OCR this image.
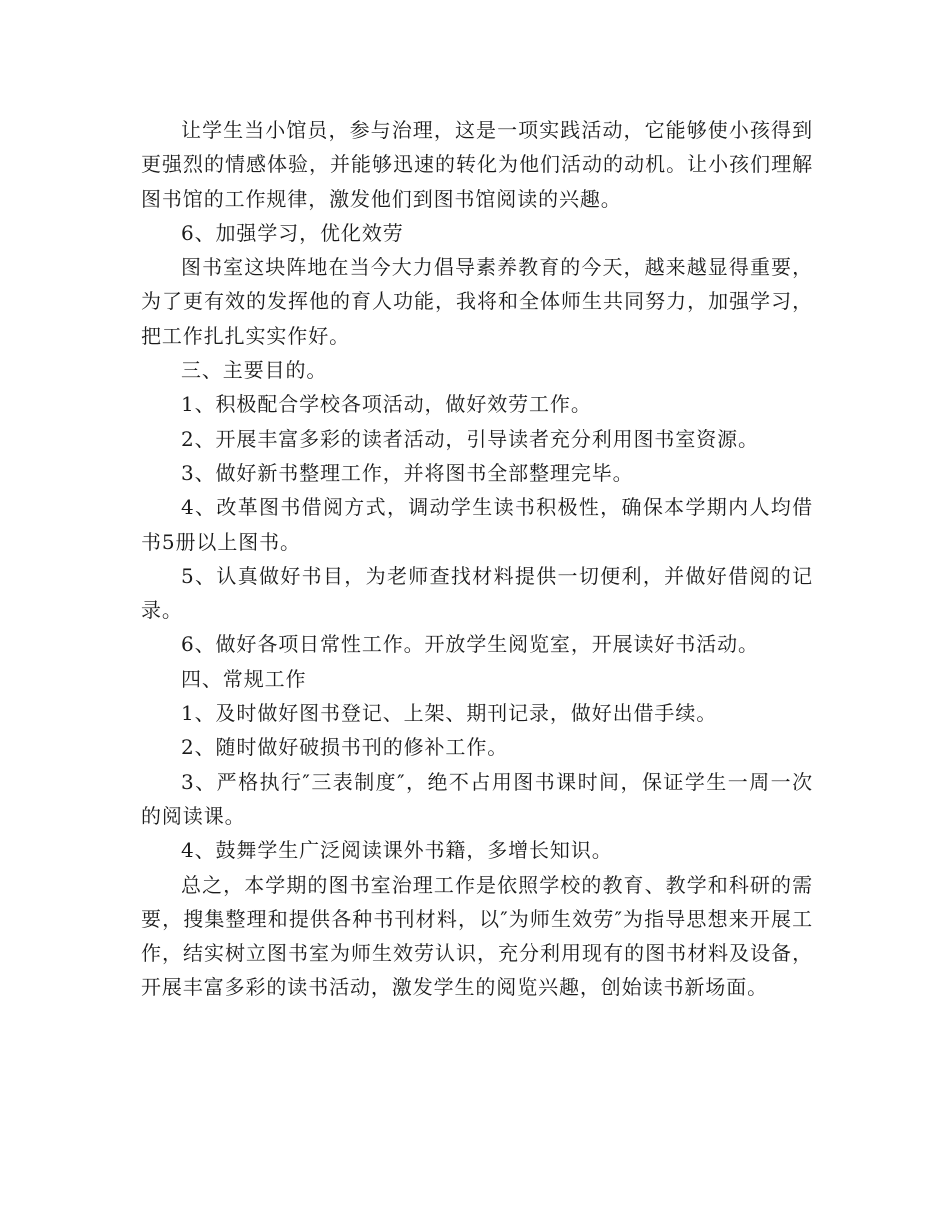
让学生当小馆员，参与治理，这是一项实践活动，它能够使小孩得到更强烈的情感体验，并能够迅速的转化为他们活动的动机。让小孩们理解图书馆的工作规律，激发他们到图书馆阅读的兴趣。

6、加强学习，优化效劳

图书室这块阵地在当今大力倡导素养教育的今天，越来越显得重要，为了更有效的发挥他的育人功能，我将和全体师生共同努力，加强学习，把工作扎扎实实作好。

三、主要目的。

1、积极配合学校各项活动，做好效劳工作。

2、开展丰富多彩的读者活动，引导读者充分利用图书室资源。

3、做好新书整理工作，并将图书全部整理完毕。

4、改革图书借阅方式，调动学生读书积极性，确保本学期内人均借书5册以上图书。

5、认真做好书目，为老师查找材料提供一切便利，并做好借阅的记录。

6、做好各项日常性工作。开放学生阅览室，开展读好书活动。

四、常规工作

1、及时做好图书登记、上架、期刊记录，做好出借手续。

2、随时做好破损书刊的修补工作。

3、严格执行″三表制度″，绝不占用图书课时间，保证学生一周一次的阅读课。

4、鼓舞学生广泛阅读课外书籍，多增长知识。

总之，本学期的图书室治理工作是依照学校的教育、教学和科研的需要，搜集整理和提供各种书刊材料，以″为师生效劳″为指导思想来开展工作，结实树立图书室为师生效劳认识，充分利用现有的图书材料及设备，开展丰富多彩的读书活动，激发学生的阅览兴趣，创始读书新场面。
